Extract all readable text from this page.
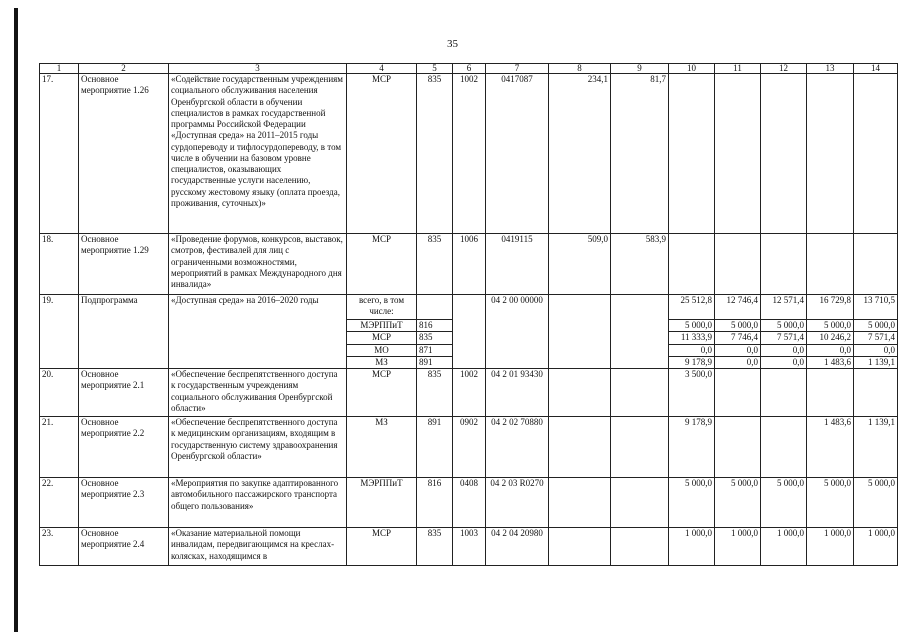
35
1	2	3	4	5	6	7	8	9	10	11	12	13	14
17.	Основное мероприятие 1.26	«Содействие государственным учреждениям социального обслуживания населения Оренбургской области в обучении специалистов в рамках государственной программы Российской Федерации «Доступная среда» на 2011–2015 годы сурдопереводу и тифлосурдопереводу, в том числе в обучении на базовом уровне специалистов, оказывающих государственные услуги населению, русскому жестовому языку (оплата проезда, проживания, суточных)»	МСР	835	1002	0417087	234,1	81,7					
18.	Основное мероприятие 1.29	«Проведение форумов, конкурсов, выставок, смотров, фестивалей для лиц с ограниченными возможностями, мероприятий в рамках Международного дня инвалида»	МСР	835	1006	0419115	509,0	583,9					
19.	Подпрограмма	«Доступная среда» на 2016–2020 годы	всего, в том числе:			04 2 00 00000			25 512,8	12 746,4	12 571,4	16 729,8	13 710,5
			МЭРППиТ	816					5 000,0	5 000,0	5 000,0	5 000,0	5 000,0
			МСР	835					11 333,9	7 746,4	7 571,4	10 246,2	7 571,4
			МО	871					0,0	0,0	0,0	0,0	0,0
			МЗ	891					9 178,9	0,0	0,0	1 483,6	1 139,1
20.	Основное мероприятие 2.1	«Обеспечение беспрепятственного доступа к государственным учреждениям социального обслуживания Оренбургской области»	МСР	835	1002	04 2 01 93430			3 500,0				
21.	Основное мероприятие 2.2	«Обеспечение беспрепятственного доступа к медицинским организациям, входящим в государственную систему здравоохранения Оренбургской области»	МЗ	891	0902	04 2 02 70880			9 178,9			1 483,6	1 139,1
22.	Основное мероприятие 2.3	«Мероприятия по закупке адаптированного автомобильного пассажирского транспорта общего пользования»	МЭРППиТ	816	0408	04 2 03 R0270			5 000,0	5 000,0	5 000,0	5 000,0	5 000,0
23.	Основное мероприятие 2.4	«Оказание материальной помощи инвалидам, передвигающимся на креслах-колясках, находящимся в	МСР	835	1003	04 2 04 20980			1 000,0	1 000,0	1 000,0	1 000,0	1 000,0
